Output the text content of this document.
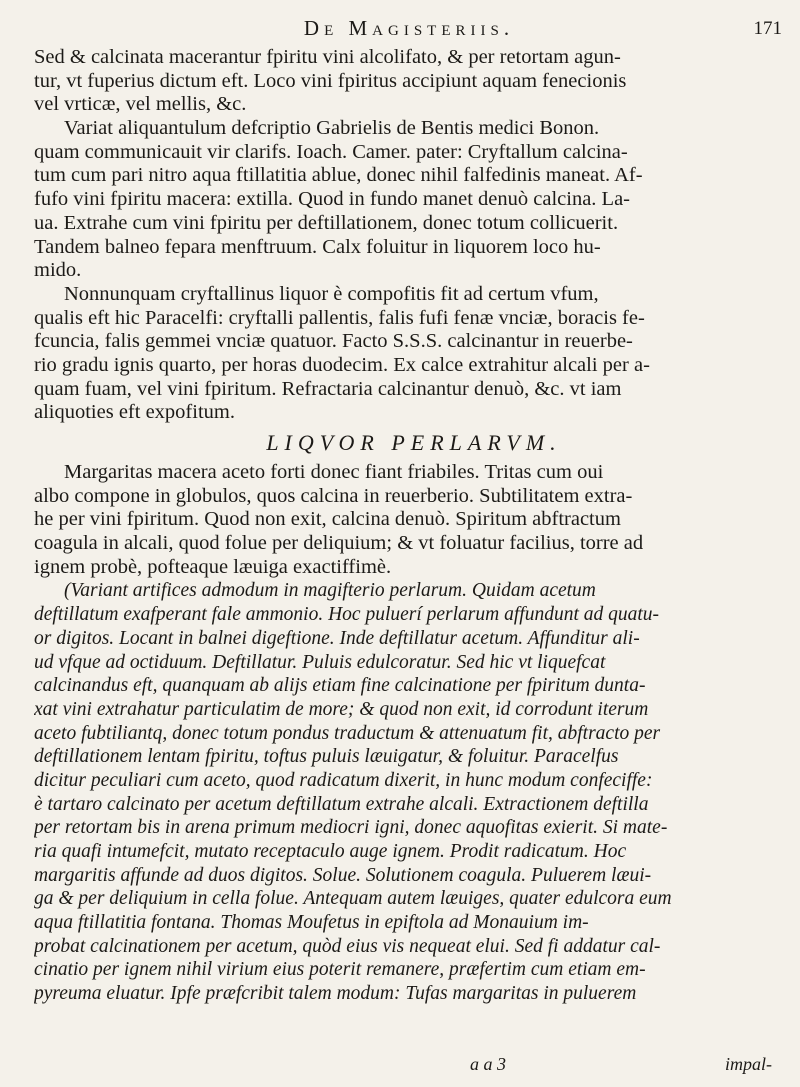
De Magisteriis.	171
Sed & calcinata macerantur fpiritu vini alcolifato, & per retortam agun-
tur, vt fuperius dictum eft. Loco vini fpiritus accipiunt aquam fenecionis
vel vrticæ, vel mellis, &c.
Variat aliquantulum defcriptio Gabrielis de Bentis medici Bonon.
quam communicauit vir clarifs. Ioach. Camer. pater: Cryftallum calcina-
tum cum pari nitro aqua ftillatitia ablue, donec nihil falfedinis maneat. Af-
fufo vini fpiritu macera: extilla. Quod in fundo manet denuò calcina. La-
ua. Extrahe cum vini fpiritu per deftillationem, donec totum collicuerit.
Tandem balneo fepara menftruum. Calx foluitur in liquorem loco hu-
mido.
Nonnunquam cryftallinus liquor è compofitis fit ad certum vfum,
qualis eft hic Paracelfi: cryftalli pallentis, falis fufi fenæ vnciæ, boracis fe-
fcuncia, falis gemmei vnciæ quatuor. Facto S.S.S. calcinantur in reuerbe-
rio gradu ignis quarto, per horas duodecim. Ex calce extrahitur alcali per a-
quam fuam, vel vini fpiritum. Refractaria calcinantur denuò, &c. vt iam
aliquoties eft expofitum.
LIQVOR PERLARVM.
Margaritas macera aceto forti donec fiant friabiles. Tritas cum oui
albo compone in globulos, quos calcina in reuerberio. Subtilitatem extra-
he per vini fpiritum. Quod non exit, calcina denuò. Spiritum abftractum
coagula in alcali, quod folue per deliquium; & vt foluatur facilius, torre ad
ignem probè, pofteaque læuiga exactiffimè.
(Variant artifices admodum in magifterio perlarum. Quidam acetum
deftillatum exafperant fale ammonio. Hoc puluerí perlarum affundunt ad quatu-
or digitos. Locant in balnei digeftione. Inde deftillatur acetum. Affunditur ali-
ud vfque ad octiduum. Deftillatur. Puluis edulcoratur. Sed hic vt liquefcat
calcinandus eft, quanquam ab alijs etiam fine calcinatione per fpiritum dunta-
xat vini extrahatur particulatim de more; & quod non exit, id corrodunt iterum
aceto fubtiliantq, donec totum pondus traductum & attenuatum fit, abftracto per
deftillationem lentam fpiritu, toftus puluis læuigatur, & foluitur. Paracelfus
dicitur peculiari cum aceto, quod radicatum dixerit, in hunc modum confeciffe:
è tartaro calcinato per acetum deftillatum extrahe alcali. Extractionem deftilla
per retortam bis in arena primum mediocri igni, donec aquofitas exierit. Si mate-
ria quafi intumefcit, mutato receptaculo auge ignem. Prodit radicatum. Hoc
margaritis affunde ad duos digitos. Solue. Solutionem coagula. Puluerem læui-
ga & per deliquium in cella folue. Antequam autem læuiges, quater edulcora eum
aqua ftillatitia fontana. Thomas Moufetus in epiftola ad Monauium im-
probat calcinationem per acetum, quòd eius vis nequeat elui. Sed fi addatur cal-
cinatio per ignem nihil virium eius poterit remanere, præfertim cum etiam em-
pyreuma eluatur. Ipfe præfcribit talem modum: Tufas margaritas in puluerem
a a 3	impal-
